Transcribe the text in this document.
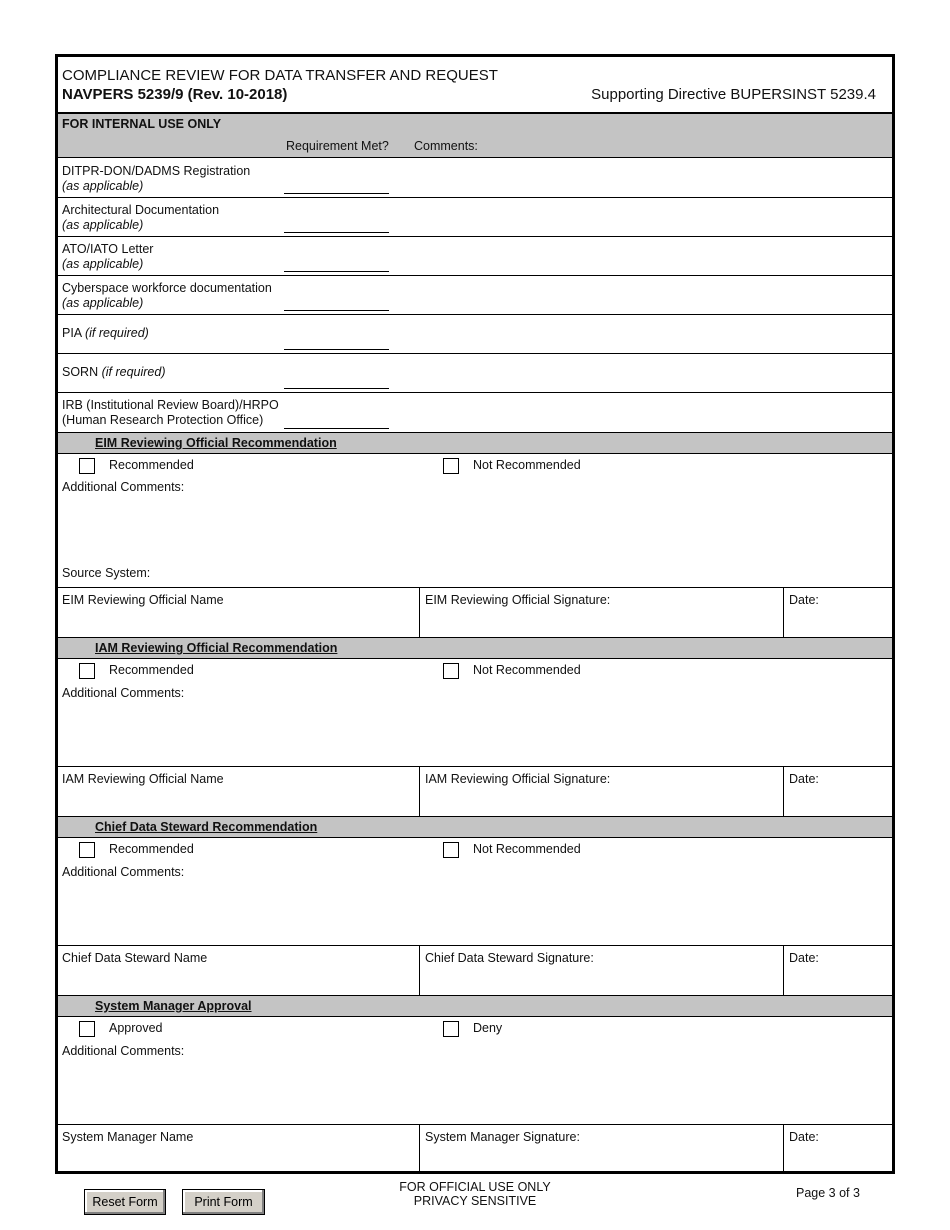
COMPLIANCE REVIEW FOR DATA TRANSFER AND REQUEST
NAVPERS 5239/9 (Rev. 10-2018)	Supporting Directive BUPERSINST 5239.4
FOR INTERNAL USE ONLY
Requirement Met? Comments:
DITPR-DON/DADMS Registration
(as applicable)
Architectural Documentation
(as applicable)
ATO/IATO Letter
(as applicable)
Cyberspace workforce documentation
(as applicable)
PIA (if required)
SORN (if required)
IRB (Institutional Review Board)/HRPO
(Human Research Protection Office)
EIM Reviewing Official Recommendation
Recommended	Not Recommended
Additional Comments:
Source System:
EIM Reviewing Official Name	EIM Reviewing Official Signature:	Date:
IAM Reviewing Official Recommendation
Recommended	Not Recommended
Additional Comments:
IAM Reviewing Official Name	IAM Reviewing Official Signature:	Date:
Chief Data Steward Recommendation
Recommended	Not Recommended
Additional Comments:
Chief Data Steward Name	Chief Data Steward Signature:	Date:
System Manager Approval
Approved	Deny
Additional Comments:
System Manager Name	System Manager Signature:	Date:
Reset Form	Print Form
FOR OFFICIAL USE ONLY
PRIVACY SENSITIVE
Page 3 of 3
